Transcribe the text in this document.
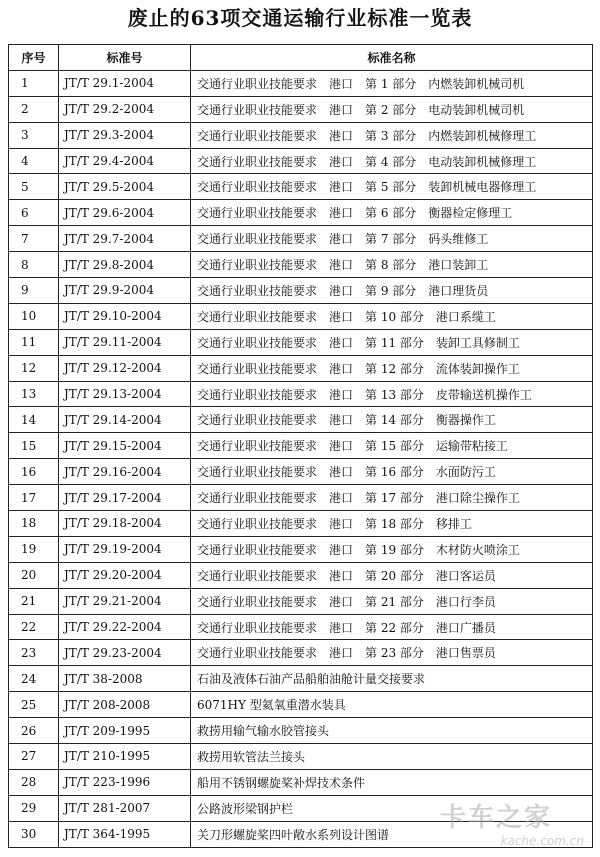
废止的63项交通运输行业标准一览表
序号	标准号	标准名称
1	JT/T 29.1-2004	交通行业职业技能要求　港口　第 1 部分　内燃装卸机械司机
2	JT/T 29.2-2004	交通行业职业技能要求　港口　第 2 部分　电动装卸机械司机
3	JT/T 29.3-2004	交通行业职业技能要求　港口　第 3 部分　内燃装卸机械修理工
4	JT/T 29.4-2004	交通行业职业技能要求　港口　第 4 部分　电动装卸机械修理工
5	JT/T 29.5-2004	交通行业职业技能要求　港口　第 5 部分　装卸机械电器修理工
6	JT/T 29.6-2004	交通行业职业技能要求　港口　第 6 部分　衡器检定修理工
7	JT/T 29.7-2004	交通行业职业技能要求　港口　第 7 部分　码头维修工
8	JT/T 29.8-2004	交通行业职业技能要求　港口　第 8 部分　港口装卸工
9	JT/T 29.9-2004	交通行业职业技能要求　港口　第 9 部分　港口理货员
10	JT/T 29.10-2004	交通行业职业技能要求　港口　第 10 部分　港口系缆工
11	JT/T 29.11-2004	交通行业职业技能要求　港口　第 11 部分　装卸工具修制工
12	JT/T 29.12-2004	交通行业职业技能要求　港口　第 12 部分　流体装卸操作工
13	JT/T 29.13-2004	交通行业职业技能要求　港口　第 13 部分　皮带输送机操作工
14	JT/T 29.14-2004	交通行业职业技能要求　港口　第 14 部分　衡器操作工
15	JT/T 29.15-2004	交通行业职业技能要求　港口　第 15 部分　运输带粘接工
16	JT/T 29.16-2004	交通行业职业技能要求　港口　第 16 部分　水面防污工
17	JT/T 29.17-2004	交通行业职业技能要求　港口　第 17 部分　港口除尘操作工
18	JT/T 29.18-2004	交通行业职业技能要求　港口　第 18 部分　移排工
19	JT/T 29.19-2004	交通行业职业技能要求　港口　第 19 部分　木材防火喷涂工
20	JT/T 29.20-2004	交通行业职业技能要求　港口　第 20 部分　港口客运员
21	JT/T 29.21-2004	交通行业职业技能要求　港口　第 21 部分　港口行李员
22	JT/T 29.22-2004	交通行业职业技能要求　港口　第 22 部分　港口广播员
23	JT/T 29.23-2004	交通行业职业技能要求　港口　第 23 部分　港口售票员
24	JT/T 38-2008	石油及液体石油产品船舶油舱计量交接要求
25	JT/T 208-2008	6071HY 型氦氧重潜水装具
26	JT/T 209-1995	救捞用输气输水胶管接头
27	JT/T 210-1995	救捞用软管法兰接头
28	JT/T 223-1996	船用不锈钢螺旋桨补焊技术条件
29	JT/T 281-2007	公路波形梁钢护栏
30	JT/T 364-1995	关刀形螺旋桨四叶敞水系列设计图谱
卡车之家
kache.com.cn
